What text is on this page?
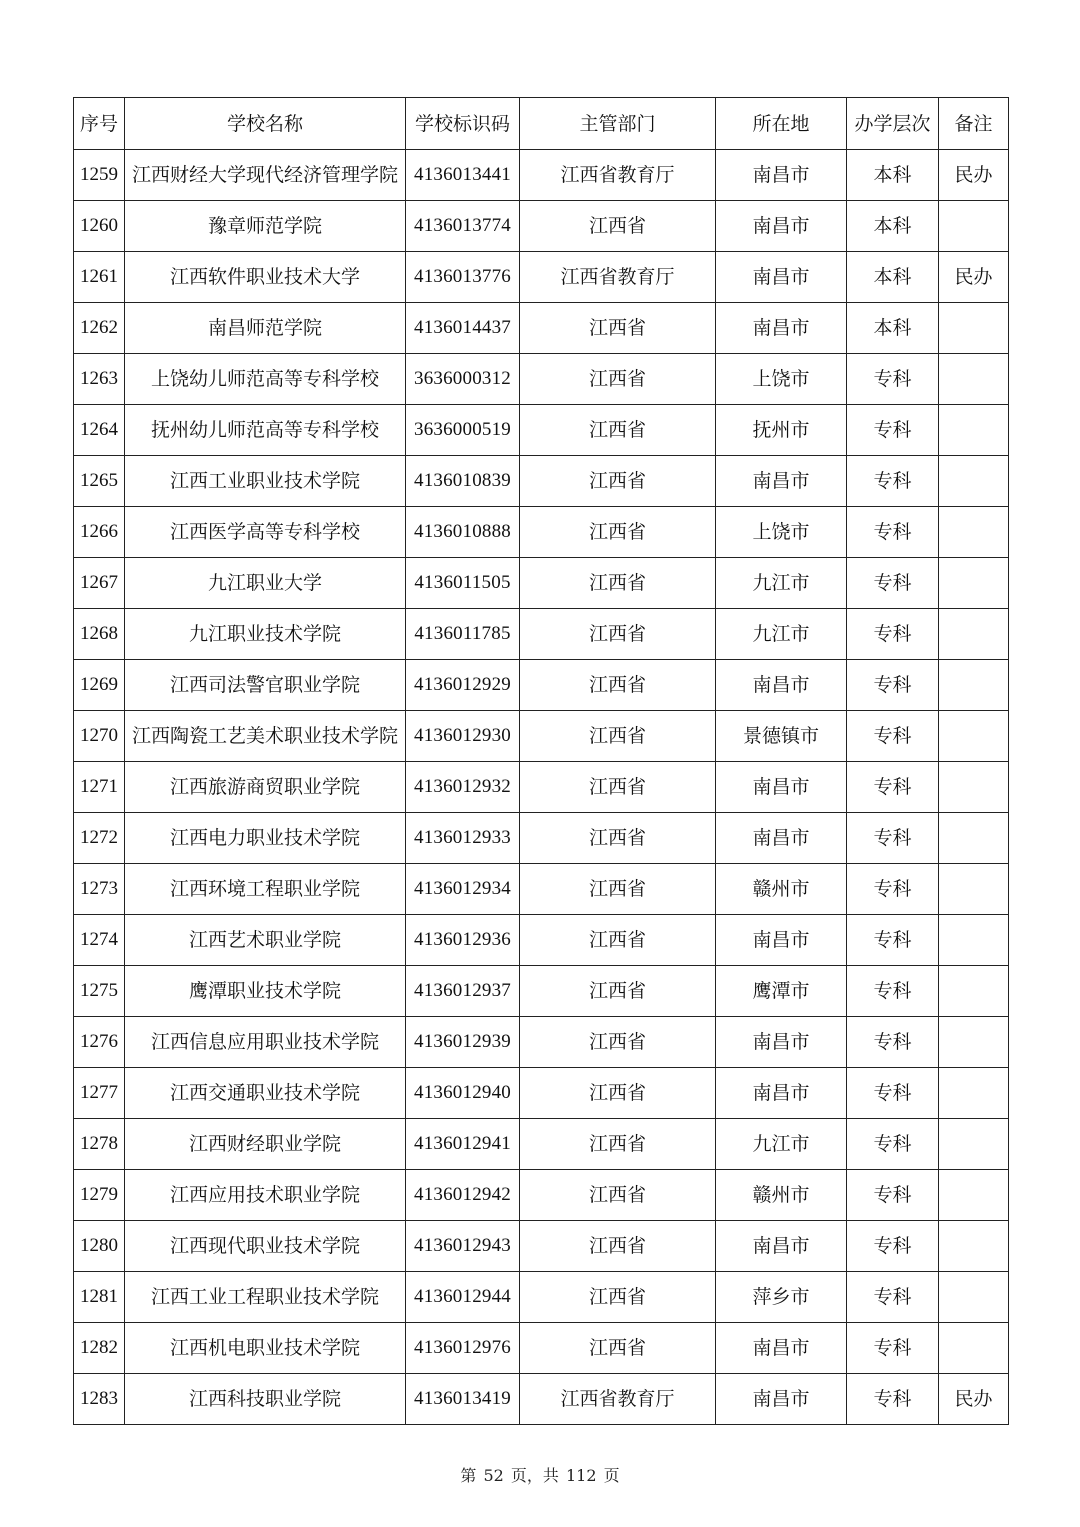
序号	学校名称	学校标识码	主管部门	所在地	办学层次	备注
1259	江西财经大学现代经济管理学院	4136013441	江西省教育厅	南昌市	本科	民办
1260	豫章师范学院	4136013774	江西省	南昌市	本科	
1261	江西软件职业技术大学	4136013776	江西省教育厅	南昌市	本科	民办
1262	南昌师范学院	4136014437	江西省	南昌市	本科	
1263	上饶幼儿师范高等专科学校	3636000312	江西省	上饶市	专科	
1264	抚州幼儿师范高等专科学校	3636000519	江西省	抚州市	专科	
1265	江西工业职业技术学院	4136010839	江西省	南昌市	专科	
1266	江西医学高等专科学校	4136010888	江西省	上饶市	专科	
1267	九江职业大学	4136011505	江西省	九江市	专科	
1268	九江职业技术学院	4136011785	江西省	九江市	专科	
1269	江西司法警官职业学院	4136012929	江西省	南昌市	专科	
1270	江西陶瓷工艺美术职业技术学院	4136012930	江西省	景德镇市	专科	
1271	江西旅游商贸职业学院	4136012932	江西省	南昌市	专科	
1272	江西电力职业技术学院	4136012933	江西省	南昌市	专科	
1273	江西环境工程职业学院	4136012934	江西省	赣州市	专科	
1274	江西艺术职业学院	4136012936	江西省	南昌市	专科	
1275	鹰潭职业技术学院	4136012937	江西省	鹰潭市	专科	
1276	江西信息应用职业技术学院	4136012939	江西省	南昌市	专科	
1277	江西交通职业技术学院	4136012940	江西省	南昌市	专科	
1278	江西财经职业学院	4136012941	江西省	九江市	专科	
1279	江西应用技术职业学院	4136012942	江西省	赣州市	专科	
1280	江西现代职业技术学院	4136012943	江西省	南昌市	专科	
1281	江西工业工程职业技术学院	4136012944	江西省	萍乡市	专科	
1282	江西机电职业技术学院	4136012976	江西省	南昌市	专科	
1283	江西科技职业学院	4136013419	江西省教育厅	南昌市	专科	民办
第 52 页，共 112 页
